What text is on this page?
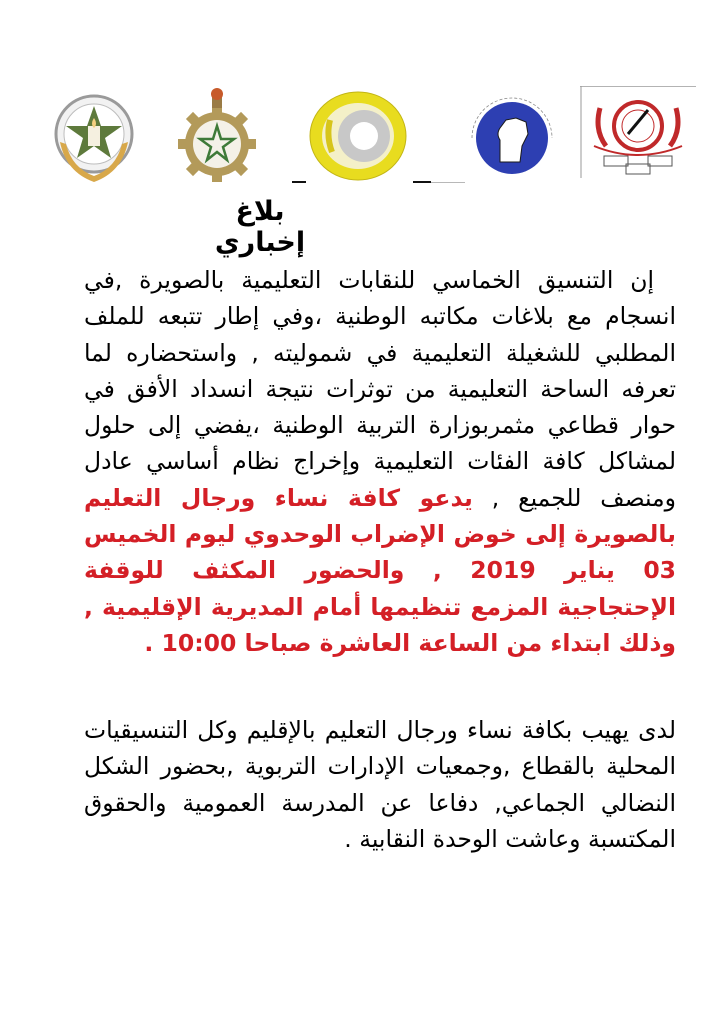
بلاغ إخباري
إن التنسيق الخماسي للنقابات التعليمية بالصويرة ,في انسجام مع بلاغات مكاتبه الوطنية ،وفي إطار تتبعه للملف المطلبي للشغيلة التعليمية في شموليته , واستحضاره لما تعرفه الساحة التعليمية من توثرات نتيجة انسداد الأفق في حوار قطاعي مثمربوزارة التربية الوطنية ،يفضي إلى حلول لمشاكل كافة الفئات التعليمية وإخراج نظام أساسي عادل ومنصف للجميع , يدعو كافة نساء ورجال التعليم بالصويرة إلى خوض الإضراب الوحدوي ليوم الخميس 03 يناير 2019 , والحضور المكثف للوقفة الإحتجاجية المزمع تنظيمها أمام المديرية الإقليمية , وذلك ابتداء من الساعة العاشرة صباحا 10:00 .
لدى يهيب بكافة نساء ورجال التعليم بالإقليم وكل التنسيقيات المحلية بالقطاع ,وجمعيات الإدارات التربوية ,بحضور الشكل النضالي الجماعي, دفاعا عن المدرسة العمومية والحقوق المكتسبة وعاشت الوحدة النقابية .
